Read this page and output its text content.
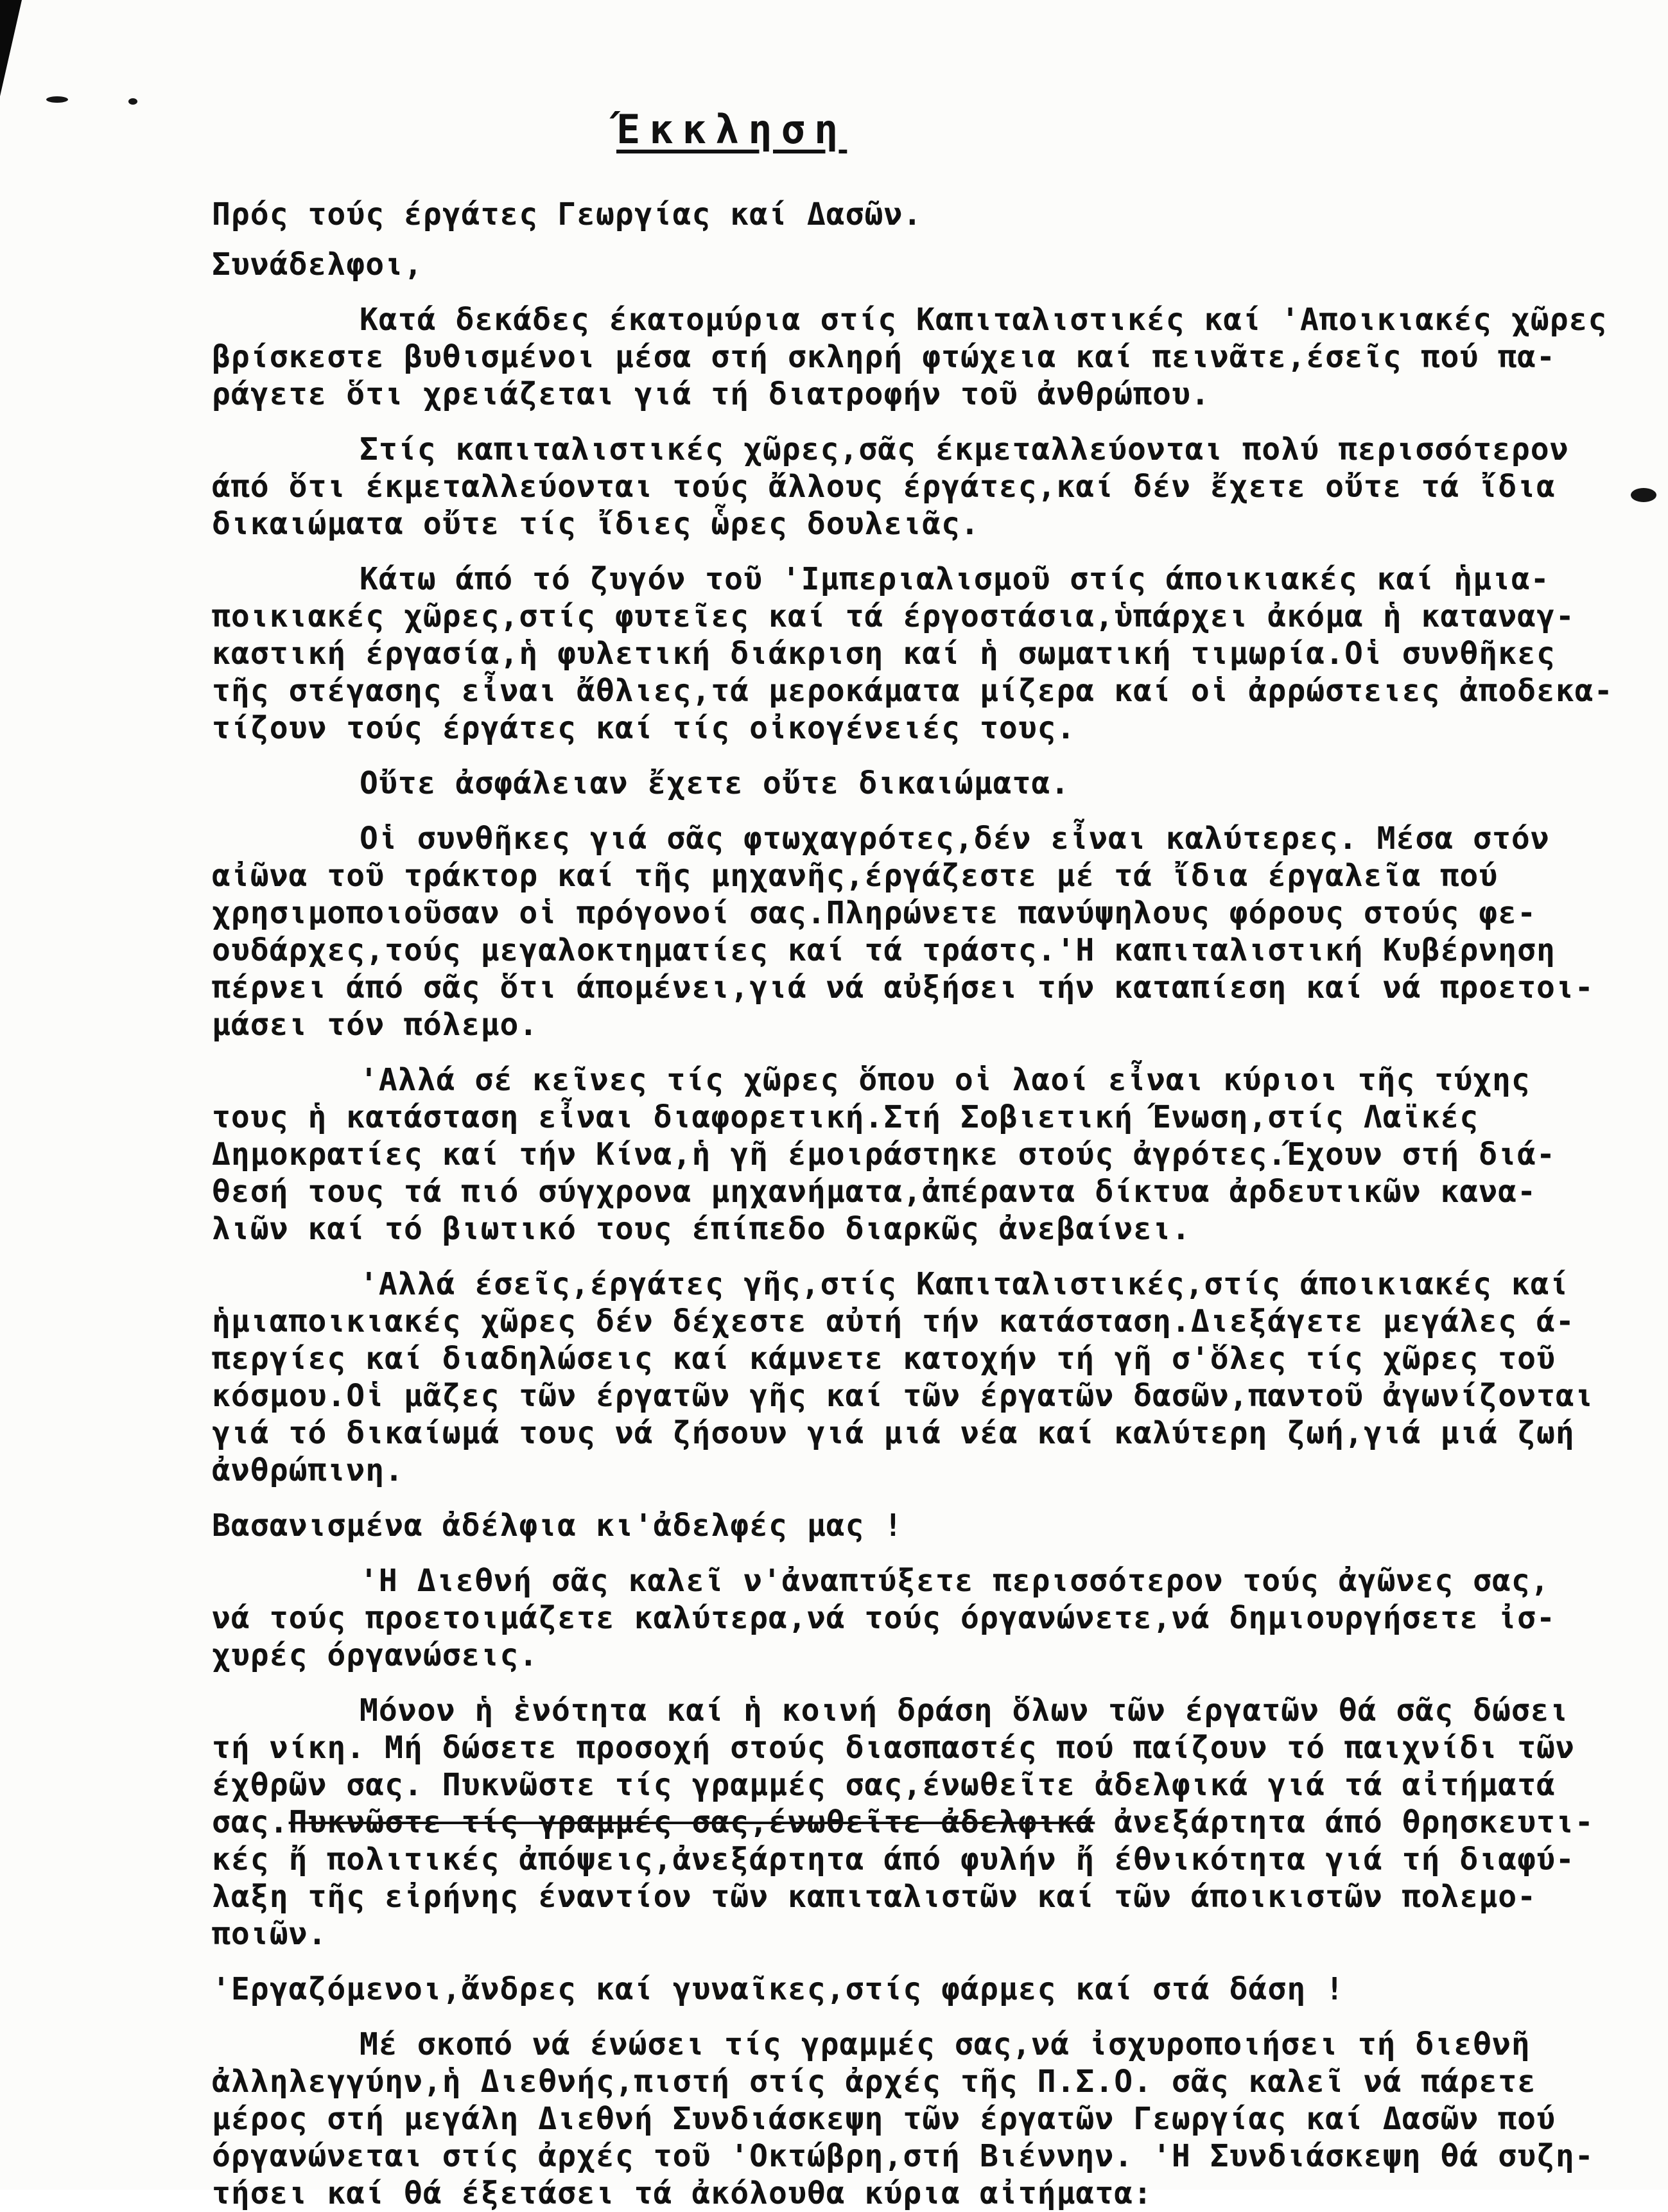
Έκκληση
Πρός τούς έργάτες Γεωργίας καί Δασῶν.
Συνάδελφοι,
Κατά δεκάδες έκατομύρια στίς Καπιταλιστικές καί 'Αποικιακές χῶρες
βρίσκεστε βυθισμένοι μέσα στή σκληρή φτώχεια καί πεινᾶτε,έσεῖς πού πα-
ράγετε ὅτι χρειάζεται γιά τή διατροφήν τοῦ ἀνθρώπου.
Στίς καπιταλιστικές χῶρες,σᾶς έκμεταλλεύονται πολύ περισσότερον
άπό ὅτι έκμεταλλεύονται τούς ἄλλους έργάτες,καί δέν ἔχετε οὔτε τά ἴδια
δικαιώματα οὔτε τίς ἴδιες ὧρες δουλειᾶς.
Κάτω άπό τό ζυγόν τοῦ 'Ιμπεριαλισμοῦ στίς άποικιακές καί ἡμια-
ποικιακές χῶρες,στίς φυτεῖες καί τά έργοστάσια,ὑπάρχει ἀκόμα ἡ καταναγ-
καστική έργασία,ἡ φυλετική διάκριση καί ἡ σωματική τιμωρία.Οἱ συνθῆκες
τῆς στέγασης εἶναι ἄθλιες,τά μεροκάματα μίζερα καί οἱ ἀρρώστειες ἀποδεκα-
τίζουν τούς έργάτες καί τίς οἰκογένειές τους.
Οὔτε ἀσφάλειαν ἔχετε οὔτε δικαιώματα.
Οἱ συνθῆκες γιά σᾶς φτωχαγρότες,δέν εἶναι καλύτερες. Μέσα στόν
αἰῶνα τοῦ τράκτορ καί τῆς μηχανῆς,έργάζεστε μέ τά ἴδια έργαλεῖα πού
χρησιμοποιοῦσαν οἱ πρόγονοί σας.Πληρώνετε πανύψηλους φόρους στούς φε-
ουδάρχες,τούς μεγαλοκτηματίες καί τά τράστς.'Η καπιταλιστική Κυβέρνηση
πέρνει άπό σᾶς ὅτι άπομένει,γιά νά αὐξήσει τήν καταπίεση καί νά προετοι-
μάσει τόν πόλεμο.
'Αλλά σέ κεῖνες τίς χῶρες ὅπου οἱ λαοί εἶναι κύριοι τῆς τύχης
τους ἡ κατάσταση εἶναι διαφορετική.Στή Σοβιετική Ένωση,στίς Λαϊκές
Δημοκρατίες καί τήν Κίνα,ἡ γῆ έμοιράστηκε στούς ἀγρότες.Έχουν στή διά-
θεσή τους τά πιό σύγχρονα μηχανήματα,ἀπέραντα δίκτυα ἀρδευτικῶν κανα-
λιῶν καί τό βιωτικό τους έπίπεδο διαρκῶς ἀνεβαίνει.
'Αλλά έσεῖς,έργάτες γῆς,στίς Καπιταλιστικές,στίς άποικιακές καί
ἡμιαποικιακές χῶρες δέν δέχεστε αὐτή τήν κατάσταση.Διεξάγετε μεγάλες ά-
περγίες καί διαδηλώσεις καί κάμνετε κατοχήν τή γῆ σ'ὅλες τίς χῶρες τοῦ
κόσμου.Οἱ μᾶζες τῶν έργατῶν γῆς καί τῶν έργατῶν δασῶν,παντοῦ ἀγωνίζονται
γιά τό δικαίωμά τους νά ζήσουν γιά μιά νέα καί καλύτερη ζωή,γιά μιά ζωή
ἀνθρώπινη.
Βασανισμένα ἀδέλφια κι'ἀδελφές μας !
'Η Διεθνή σᾶς καλεῖ ν'ἀναπτύξετε περισσότερον τούς ἀγῶνες σας,
νά τούς προετοιμάζετε καλύτερα,νά τούς όργανώνετε,νά δημιουργήσετε ἰσ-
χυρές όργανώσεις.
Μόνον ἡ ἑνότητα καί ἡ κοινή δράση ὅλων τῶν έργατῶν θά σᾶς δώσει
τή νίκη. Μή δώσετε προσοχή στούς διασπαστές πού παίζουν τό παιχνίδι τῶν
έχθρῶν σας. Πυκνῶστε τίς γραμμές σας,ένωθεῖτε ἀδελφικά γιά τά αἰτήματά
σας.Πυκνῶστε τίς γραμμές σας,ένωθεῖτε ἀδελφικά ἀνεξάρτητα άπό θρησκευτι-
κές ἤ πολιτικές ἀπόψεις,ἀνεξάρτητα άπό φυλήν ἤ έθνικότητα γιά τή διαφύ-
λαξη τῆς εἰρήνης έναντίον τῶν καπιταλιστῶν καί τῶν άποικιστῶν πολεμο-
ποιῶν.
'Εργαζόμενοι,ἄνδρες καί γυναῖκες,στίς φάρμες καί στά δάση !
Μέ σκοπό νά ένώσει τίς γραμμές σας,νά ἰσχυροποιήσει τή διεθνῆ
ἀλληλεγγύην,ἡ Διεθνής,πιστή στίς ἀρχές τῆς Π.Σ.Ο. σᾶς καλεῖ νά πάρετε
μέρος στή μεγάλη Διεθνή Συνδιάσκεψη τῶν έργατῶν Γεωργίας καί Δασῶν πού
όργανώνεται στίς ἀρχές τοῦ 'Οκτώβρη,στή Βιέννην. 'Η Συνδιάσκεψη θά συζη-
τήσει καί θά έξετάσει τά ἀκόλουθα κύρια αἰτήματα:
